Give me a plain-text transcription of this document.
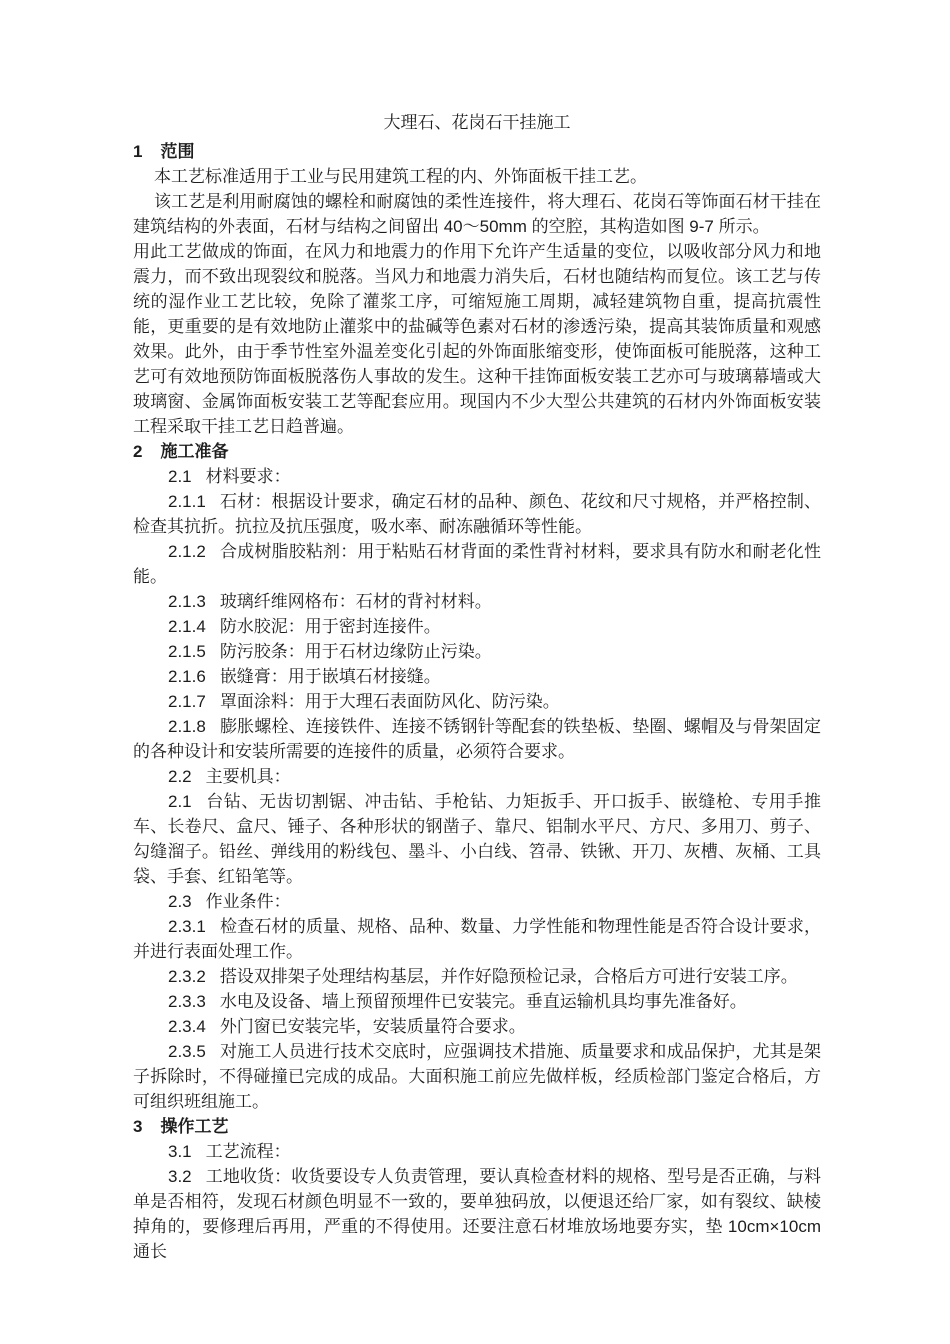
大理石、花岗石干挂施工

1 范围

本工艺标准适用于工业与民用建筑工程的内、外饰面板干挂工艺。

该工艺是利用耐腐蚀的螺栓和耐腐蚀的柔性连接件，将大理石、花岗石等饰面石材干挂在建筑结构的外表面，石材与结构之间留出 40～50mm 的空腔，其构造如图 9-7 所示。

用此工艺做成的饰面，在风力和地震力的作用下允许产生适量的变位，以吸收部分风力和地震力，而不致出现裂纹和脱落。当风力和地震力消失后，石材也随结构而复位。该工艺与传统的湿作业工艺比较，免除了灌浆工序，可缩短施工周期，减轻建筑物自重，提高抗震性能，更重要的是有效地防止灌浆中的盐碱等色素对石材的渗透污染，提高其装饰质量和观感效果。此外，由于季节性室外温差变化引起的外饰面胀缩变形，使饰面板可能脱落，这种工艺可有效地预防饰面板脱落伤人事故的发生。这种干挂饰面板安装工艺亦可与玻璃幕墙或大玻璃窗、金属饰面板安装工艺等配套应用。现国内不少大型公共建筑的石材内外饰面板安装工程采取干挂工艺日趋普遍。

2 施工准备

2.1 材料要求：

2.1.1 石材：根据设计要求，确定石材的品种、颜色、花纹和尺寸规格，并严格控制、检查其抗折。抗拉及抗压强度，吸水率、耐冻融循环等性能。

2.1.2 合成树脂胶粘剂：用于粘贴石材背面的柔性背衬材料，要求具有防水和耐老化性能。

2.1.3 玻璃纤维网格布：石材的背衬材料。

2.1.4 防水胶泥：用于密封连接件。

2.1.5 防污胶条：用于石材边缘防止污染。

2.1.6 嵌缝膏：用于嵌填石材接缝。

2.1.7 罩面涂料：用于大理石表面防风化、防污染。

2.1.8 膨胀螺栓、连接铁件、连接不锈钢针等配套的铁垫板、垫圈、螺帽及与骨架固定的各种设计和安装所需要的连接件的质量，必须符合要求。

2.2 主要机具：

2.1 台钻、无齿切割锯、冲击钻、手枪钻、力矩扳手、开口扳手、嵌缝枪、专用手推车、长卷尺、盒尺、锤子、各种形状的钢凿子、靠尺、铝制水平尺、方尺、多用刀、剪子、勾缝溜子。铅丝、弹线用的粉线包、墨斗、小白线、笤帚、铁锹、开刀、灰槽、灰桶、工具袋、手套、红铅笔等。

2.3 作业条件：

2.3.1 检查石材的质量、规格、品种、数量、力学性能和物理性能是否符合设计要求，并进行表面处理工作。

2.3.2 搭设双排架子处理结构基层，并作好隐预检记录，合格后方可进行安装工序。

2.3.3 水电及设备、墙上预留预埋件已安装完。垂直运输机具均事先准备好。

2.3.4 外门窗已安装完毕，安装质量符合要求。

2.3.5 对施工人员进行技术交底时，应强调技术措施、质量要求和成品保护，尤其是架子拆除时，不得碰撞已完成的成品。大面积施工前应先做样板，经质检部门鉴定合格后，方可组织班组施工。

3 操作工艺

3.1 工艺流程：

3.2 工地收货：收货要设专人负责管理，要认真检查材料的规格、型号是否正确，与料单是否相符，发现石材颜色明显不一致的，要单独码放，以便退还给厂家，如有裂纹、缺棱掉角的，要修理后再用，严重的不得使用。还要注意石材堆放场地要夯实，垫 10cm×10cm 通长
